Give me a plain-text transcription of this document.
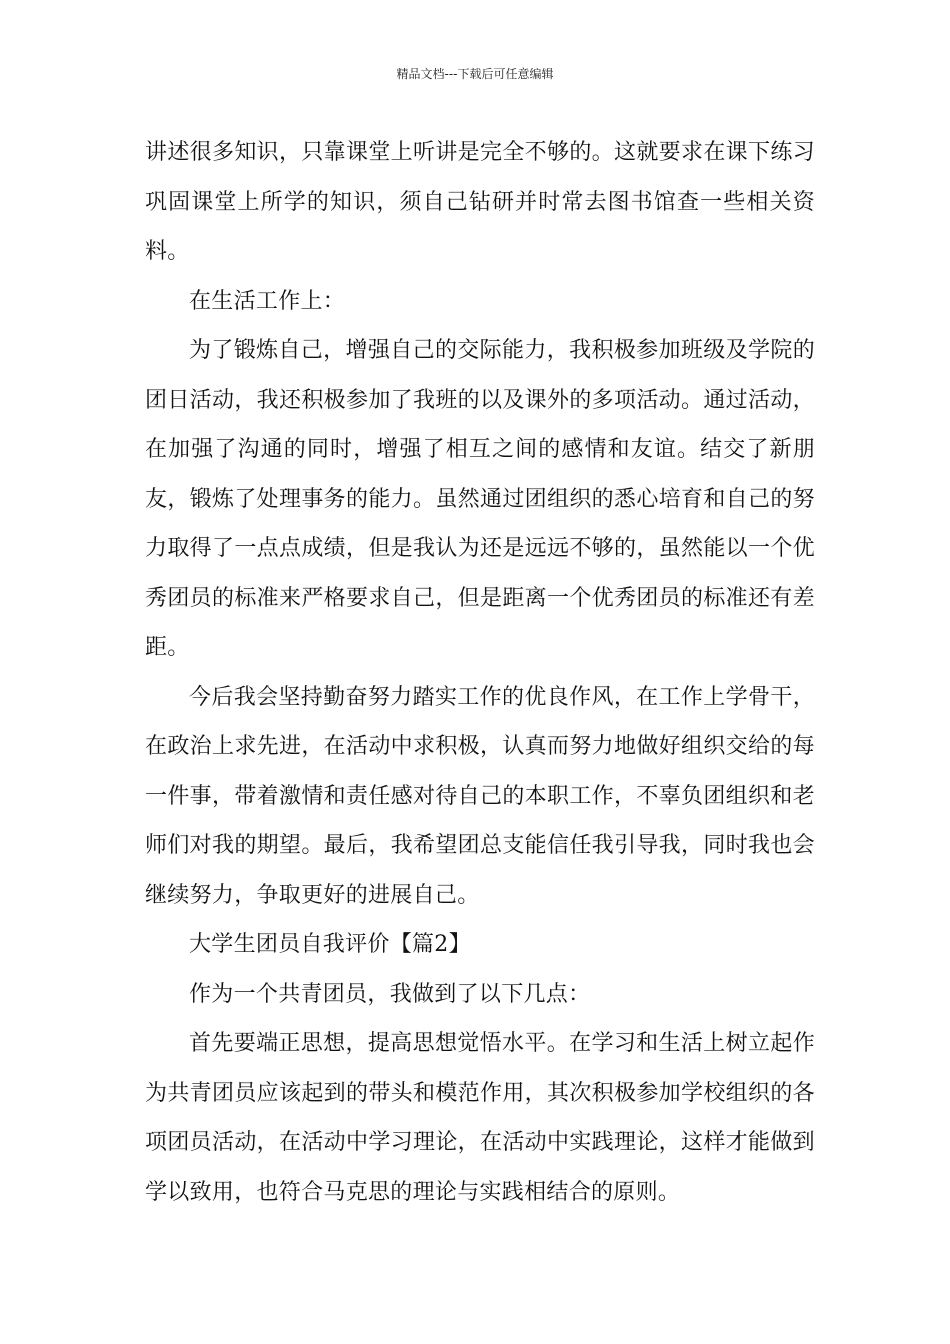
精品文档---下载后可任意编辑

讲述很多知识，只靠课堂上听讲是完全不够的。这就要求在课下练习巩固课堂上所学的知识，须自己钻研并时常去图书馆查一些相关资料。

在生活工作上：

为了锻炼自己，增强自己的交际能力，我积极参加班级及学院的团日活动，我还积极参加了我班的以及课外的多项活动。通过活动，在加强了沟通的同时，增强了相互之间的感情和友谊。结交了新朋友，锻炼了处理事务的能力。虽然通过团组织的悉心培育和自己的努力取得了一点点成绩，但是我认为还是远远不够的，虽然能以一个优秀团员的标准来严格要求自己，但是距离一个优秀团员的标准还有差距。

今后我会坚持勤奋努力踏实工作的优良作风，在工作上学骨干，在政治上求先进，在活动中求积极，认真而努力地做好组织交给的每一件事，带着激情和责任感对待自己的本职工作，不辜负团组织和老师们对我的期望。最后，我希望团总支能信任我引导我，同时我也会继续努力，争取更好的进展自己。

大学生团员自我评价【篇2】

作为一个共青团员，我做到了以下几点：

首先要端正思想，提高思想觉悟水平。在学习和生活上树立起作为共青团员应该起到的带头和模范作用，其次积极参加学校组织的各项团员活动，在活动中学习理论，在活动中实践理论，这样才能做到学以致用，也符合马克思的理论与实践相结合的原则。
